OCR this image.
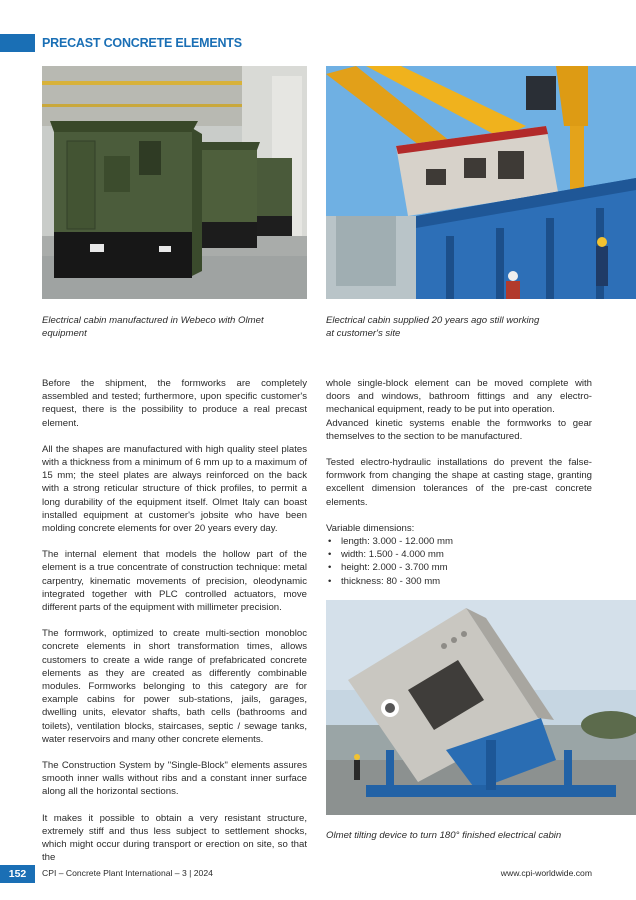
PRECAST CONCRETE ELEMENTS
Electrical cabin manufactured in Webeco with Olmet equipment
Electrical cabin supplied 20 years ago still working
at customer's site

Before the shipment, the formworks are completely assembled and tested; furthermore, upon specific customer's request, there is the possibility to produce a real precast element.

All the shapes are manufactured with high quality steel plates with a thickness from a minimum of 6 mm up to a maximum of 15 mm; the steel plates are always reinforced on the back with a strong reticular structure of thick profiles, to permit a long durability of the equipment itself. Olmet Italy can boast installed equipment at customer's jobsite who have been molding concrete elements for over 20 years every day.

The internal element that models the hollow part of the element is a true concentrate of construction technique: metal carpentry, kinematic movements of precision, oleodynamic integrated together with PLC controlled actuators, move different parts of the equipment with millimeter precision.

The formwork, optimized to create multi-section monobloc concrete elements in short transformation times, allows customers to create a wide range of prefabricated concrete elements as they are created as differently combinable modules. Formworks belonging to this category are for example cabins for power sub-stations, jails, garages, dwelling units, elevator shafts, bath cells (bathrooms and toilets), ventilation blocks, staircases, septic / sewage tanks, water reservoirs and many other concrete elements.

The Construction System by "Single-Block" elements assures smooth inner walls without ribs and a constant inner surface along all the horizontal sections.

It makes it possible to obtain a very resistant structure, extremely stiff and thus less subject to settlement shocks, which might occur during transport or erection on site, so that the

whole single-block element can be moved complete with doors and windows, bathroom fittings and any electro-mechanical equipment, ready to be put into operation.

Advanced kinetic systems enable the formworks to gear themselves to the section to be manufactured.

Tested electro-hydraulic installations do prevent the false-formwork from changing the shape at casting stage, granting excellent dimension tolerances of the pre-cast concrete elements.

Variable dimensions:

• length: 3.000 - 12.000 mm
• width: 1.500 - 4.000 mm
• height: 2.000 - 3.700 mm
• thickness: 80 - 300 mm
Olmet tilting device to turn 180° finished electrical cabin
152	CPI – Concrete Plant International – 3 | 2024	www.cpi-worldwide.com
